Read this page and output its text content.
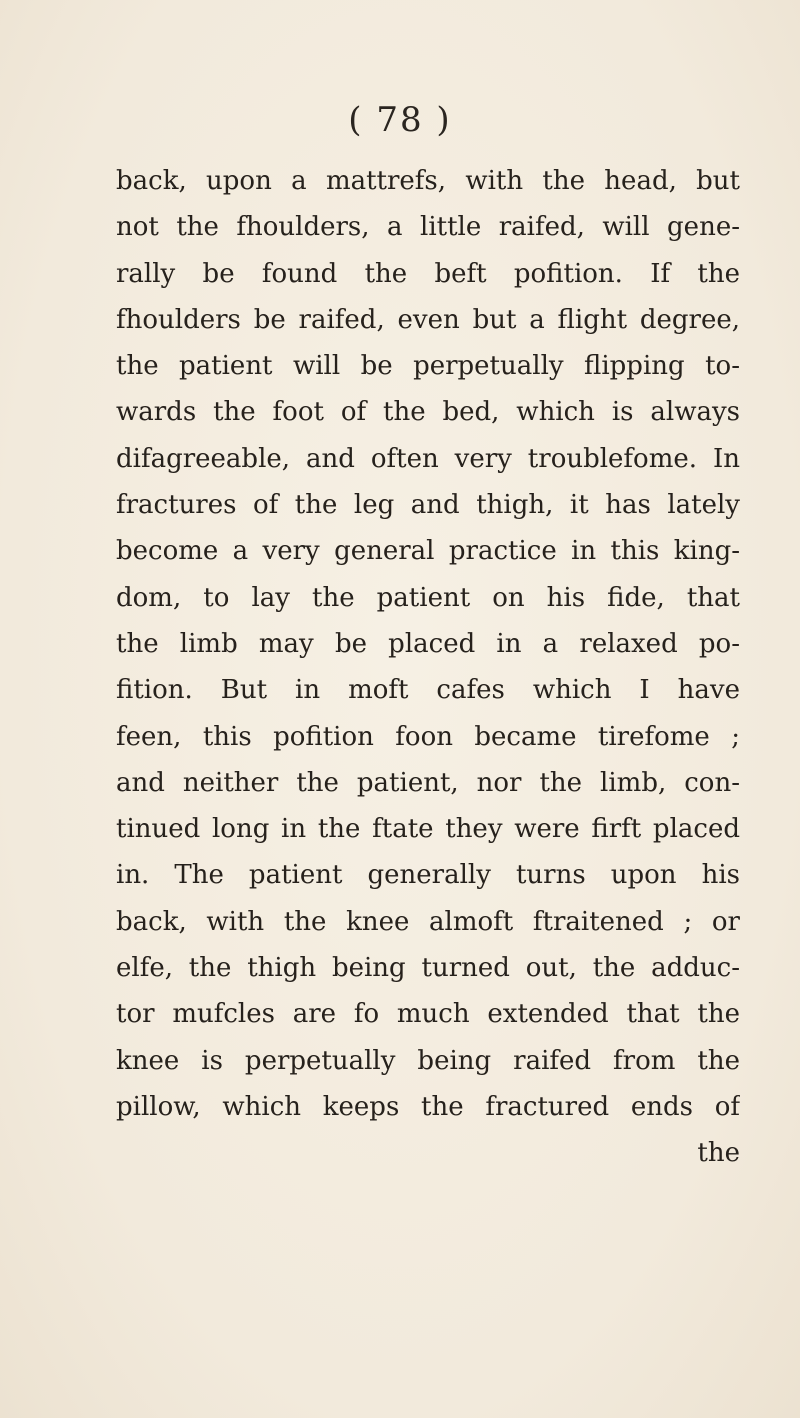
( 78 )
back, upon a mattrefs, with the head, but
not the fhoulders, a little raifed, will gene-
rally be found the beft pofition. If the
fhoulders be raifed, even but a flight degree,
the patient will be perpetually flipping to-
wards the foot of the bed, which is always
difagreeable, and often very troublefome. In
fractures of the leg and thigh, it has lately
become a very general practice in this king-
dom, to lay the patient on his fide, that
the limb may be placed in a relaxed po-
fition. But in moft cafes which I have
feen, this pofition foon became tirefome ;
and neither the patient, nor the limb, con-
tinued long in the ftate they were firft placed
in. The patient generally turns upon his
back, with the knee almoft ftraitened ; or
elfe, the thigh being turned out, the adduc-
tor mufcles are fo much extended that the
knee is perpetually being raifed from the
pillow, which keeps the fractured ends of
the
